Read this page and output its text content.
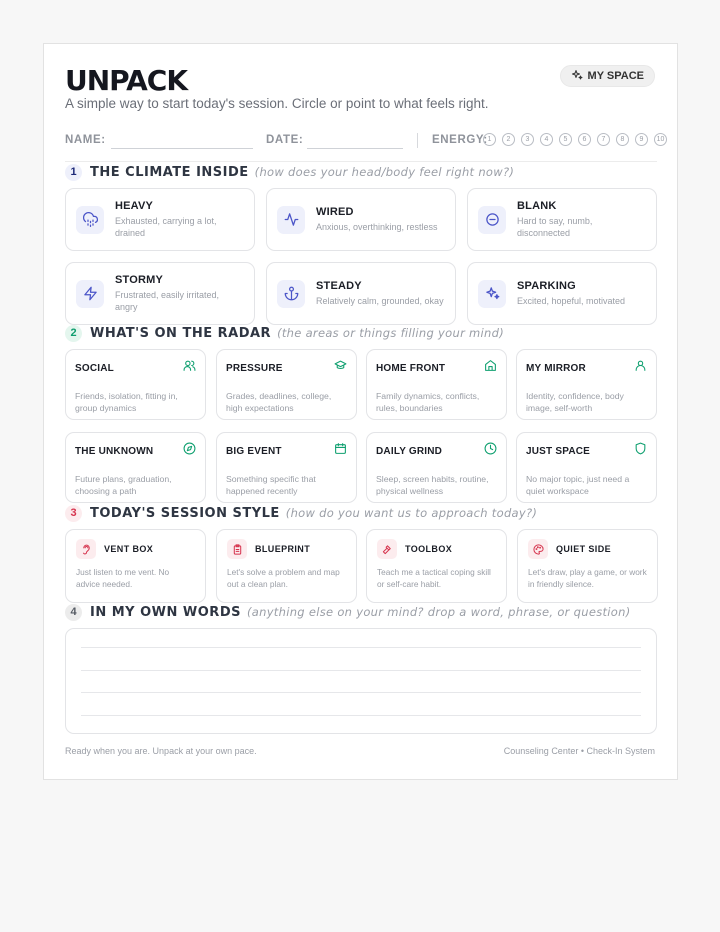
UNPACK
A simple way to start today's session. Circle or point to what feels right.
MY SPACE
NAME:	DATE:	ENERGY: 1	2	3	4	5	6	7	8	9	10
1	THE CLIMATE INSIDE (how does your head/body feel right now?)
HEAVY
Exhausted, carrying a lot, drained
WIRED
Anxious, overthinking, restless
BLANK
Hard to say, numb, disconnected
STORMY
Frustrated, easily irritated, angry
STEADY
Relatively calm, grounded, okay
SPARKING
Excited, hopeful, motivated
2	WHAT'S ON THE RADAR (the areas or things filling your mind)
SOCIAL
Friends, isolation, fitting in, group dynamics
PRESSURE
Grades, deadlines, college, high expectations
HOME FRONT
Family dynamics, conflicts, rules, boundaries
MY MIRROR
Identity, confidence, body image, self-worth
THE UNKNOWN
Future plans, graduation, choosing a path
BIG EVENT
Something specific that happened recently
DAILY GRIND
Sleep, screen habits, routine, physical wellness
JUST SPACE
No major topic, just need a quiet workspace
3	TODAY'S SESSION STYLE (how do you want us to approach today?)
VENT BOX
Just listen to me vent. No advice needed.
BLUEPRINT
Let's solve a problem and map out a clean plan.
TOOLBOX
Teach me a tactical coping skill or self-care habit.
QUIET SIDE
Let's draw, play a game, or work in friendly silence.
4	IN MY OWN WORDS (anything else on your mind? drop a word, phrase, or question)
Ready when you are. Unpack at your own pace.	Counseling Center • Check-In System
